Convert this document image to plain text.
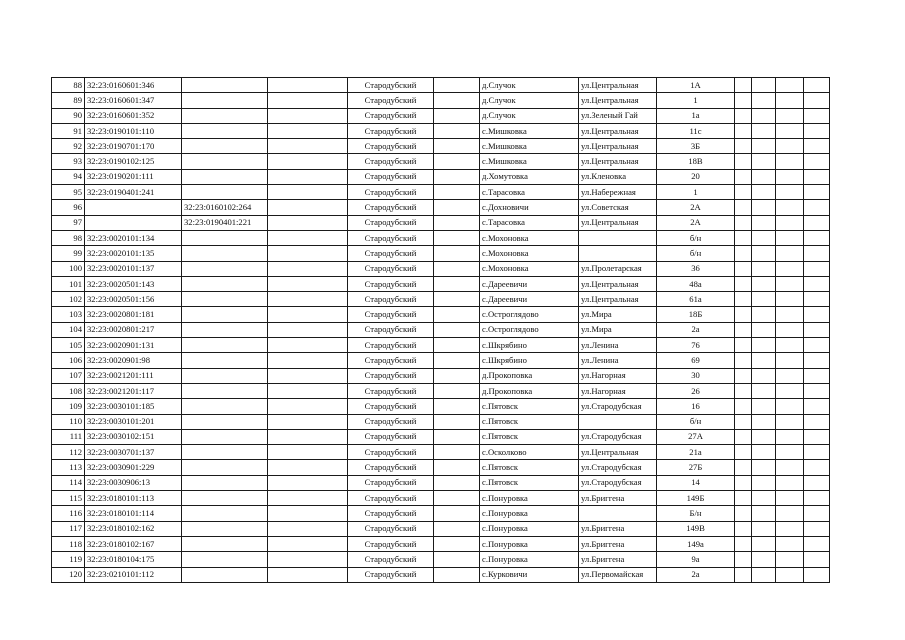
88	32:23:0160601:346			Стародубский		д.Случок	ул.Центральная	1А				
89	32:23:0160601:347			Стародубский		д.Случок	ул.Центральная	1				
90	32:23:0160601:352			Стародубский		д.Случок	ул.Зеленый Гай	1а				
91	32:23:0190101:110			Стародубский		с.Мишковка	ул.Центральная	11с				
92	32:23:0190701:170			Стародубский		с.Мишковка	ул.Центральная	3Б				
93	32:23:0190102:125			Стародубский		с.Мишковка	ул.Центральная	18В				
94	32:23:0190201:111			Стародубский		д.Хомутовка	ул.Кленовка	20				
95	32:23:0190401:241			Стародубский		с.Тарасовка	ул.Набережная	1				
96		32:23:0160102:264		Стародубский		с.Дохновичи	ул.Советская	2А				
97		32:23:0190401:221		Стародубский		с.Тарасовка	ул.Центральная	2А				
98	32:23:0020101:134			Стародубский		с.Мохоновка		б/н				
99	32:23:0020101:135			Стародубский		с.Мохоновка		б/н				
100	32:23:0020101:137			Стародубский		с.Мохоновка	ул.Пролетарская	36				
101	32:23:0020501:143			Стародубский		с.Дареевичи	ул.Центральная	48а				
102	32:23:0020501:156			Стародубский		с.Дареевичи	ул.Центральная	61а				
103	32:23:0020801:181			Стародубский		с.Остроглядово	ул.Мира	18Б				
104	32:23:0020801:217			Стародубский		с.Остроглядово	ул.Мира	2а				
105	32:23:0020901:131			Стародубский		с.Шкрябино	ул.Ленина	76				
106	32:23:0020901:98			Стародубский		с.Шкрябино	ул.Ленина	69				
107	32:23:0021201:111			Стародубский		д.Прокоповка	ул.Нагорная	30				
108	32:23:0021201:117			Стародубский		д.Прокоповка	ул.Нагорная	26				
109	32:23:0030101:185			Стародубский		с.Пятовск	ул.Стародубская	16				
110	32:23:0030101:201			Стародубский		с.Пятовск		б/н				
111	32:23:0030102:151			Стародубский		с.Пятовск	ул.Стародубская	27А				
112	32:23:0030701:137			Стародубский		с.Осколково	ул.Центральная	21а				
113	32:23:0030901:229			Стародубский		с.Пятовск	ул.Стародубская	27Б				
114	32:23:0030906:13			Стародубский		с.Пятовск	ул.Стародубская	14				
115	32:23:0180101:113			Стародубский		с.Понуровка	ул.Бриггена	149Б				
116	32:23:0180101:114			Стародубский		с.Понуровка		Б/н				
117	32:23:0180102:162			Стародубский		с.Понуровка	ул.Бриггена	149В				
118	32:23:0180102:167			Стародубский		с.Понуровка	ул.Бриггена	149а				
119	32:23:0180104:175			Стародубский		с.Понуровка	ул.Бриггена	9а				
120	32:23:0210101:112			Стародубский		с.Курковичи	ул.Первомайская	2а				
